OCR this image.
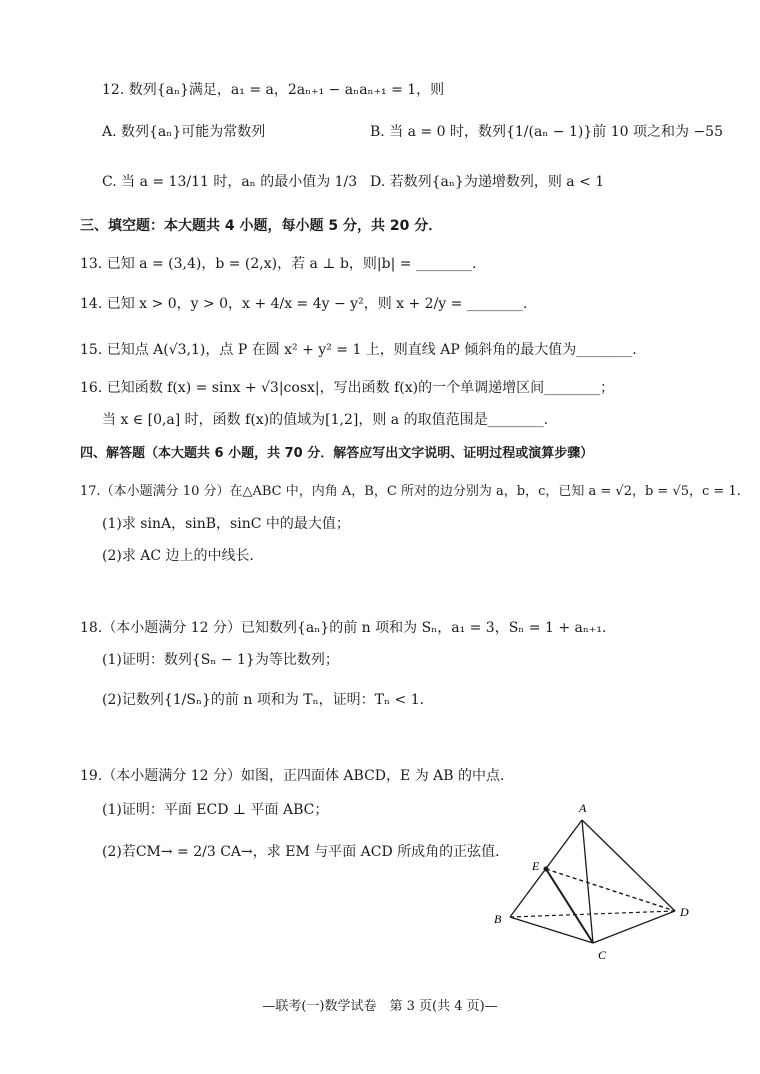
12. 数列{aₙ}满足，a₁ = a，2aₙ₊₁ − aₙaₙ₊₁ = 1，则
A. 数列{aₙ}可能为常数列	B. 当 a = 0 时，数列{1/(aₙ − 1)}前 10 项之和为 −55
C. 当 a = 13/11 时，aₙ 的最小值为 1/3 D. 若数列{aₙ}为递增数列，则 a < 1
三、填空题：本大题共 4 小题，每小题 5 分，共 20 分．
13. 已知 a = (3,4)，b = (2,x)，若 a ⊥ b，则|b| = ________.
14. 已知 x > 0，y > 0，x + 4/x = 4y − y²，则 x + 2/y = ________.
15. 已知点 A(√3,1)，点 P 在圆 x² + y² = 1 上，则直线 AP 倾斜角的最大值为________.
16. 已知函数 f(x) = sinx + √3|cosx|，写出函数 f(x)的一个单调递增区间________；
当 x ∈ [0,a] 时，函数 f(x)的值域为[1,2]，则 a 的取值范围是________.
四、解答题（本大题共 6 小题，共 70 分．解答应写出文字说明、证明过程或演算步骤）
17.（本小题满分 10 分）在△ABC 中，内角 A，B，C 所对的边分别为 a，b，c，已知 a = √2，b = √5，c = 1.
(1)求 sinA，sinB，sinC 中的最大值；
(2)求 AC 边上的中线长．
18.（本小题满分 12 分）已知数列{aₙ}的前 n 项和为 Sₙ，a₁ = 3，Sₙ = 1 + aₙ₊₁.
(1)证明：数列{Sₙ − 1}为等比数列；
(2)记数列{1/Sₙ}的前 n 项和为 Tₙ，证明：Tₙ < 1.
19.（本小题满分 12 分）如图，正四面体 ABCD，E 为 AB 的中点．
(1)证明：平面 ECD ⊥ 平面 ABC；
(2)若CM→ = 2/3 CA→，求 EM 与平面 ACD 所成角的正弦值．
A
B
C
D
E
—联考(一)数学试卷　第 3 页(共 4 页)—
